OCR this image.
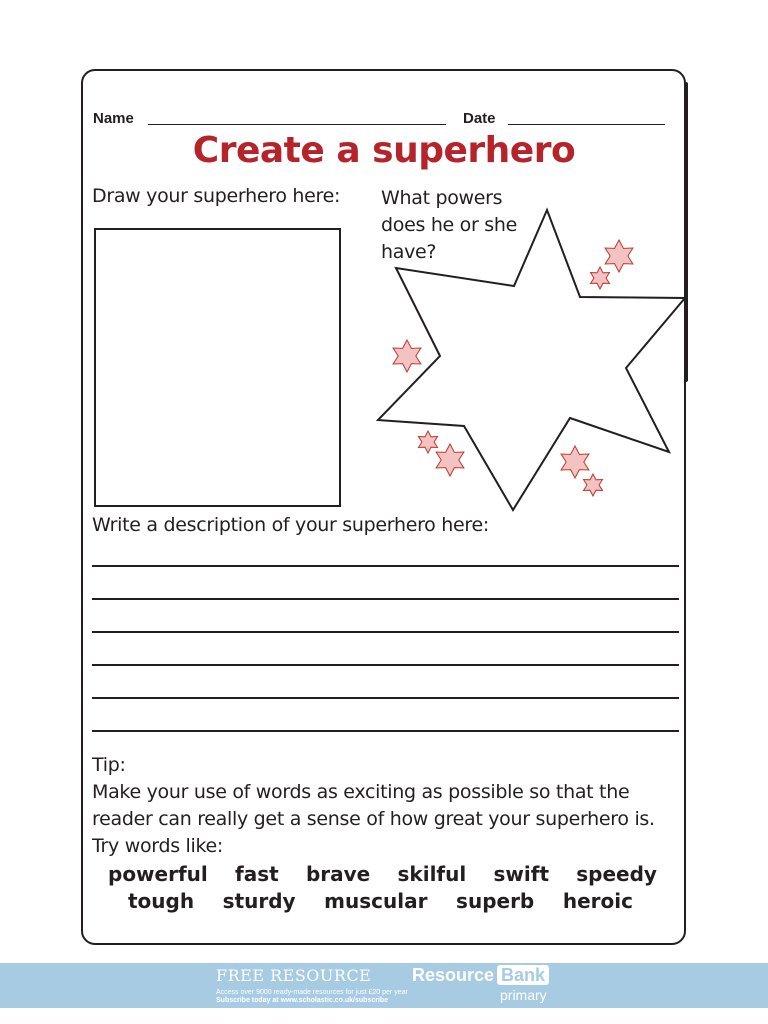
Name	Date
Create a superhero
Draw your superhero here: What powers
does he or she
have?
Write a description of your superhero here:
Tip:
Make your use of words as exciting as possible so that the
reader can really get a sense of how great your superhero is.
Try words like:
powerful fast brave skilful swift speedy
tough sturdy muscular superb heroic
FREE RESOURCE
Access over 9000 ready-made resources for just £20 per year
Subscribe today at www.scholastic.co.uk/subscribe
Resource Bank
primary
